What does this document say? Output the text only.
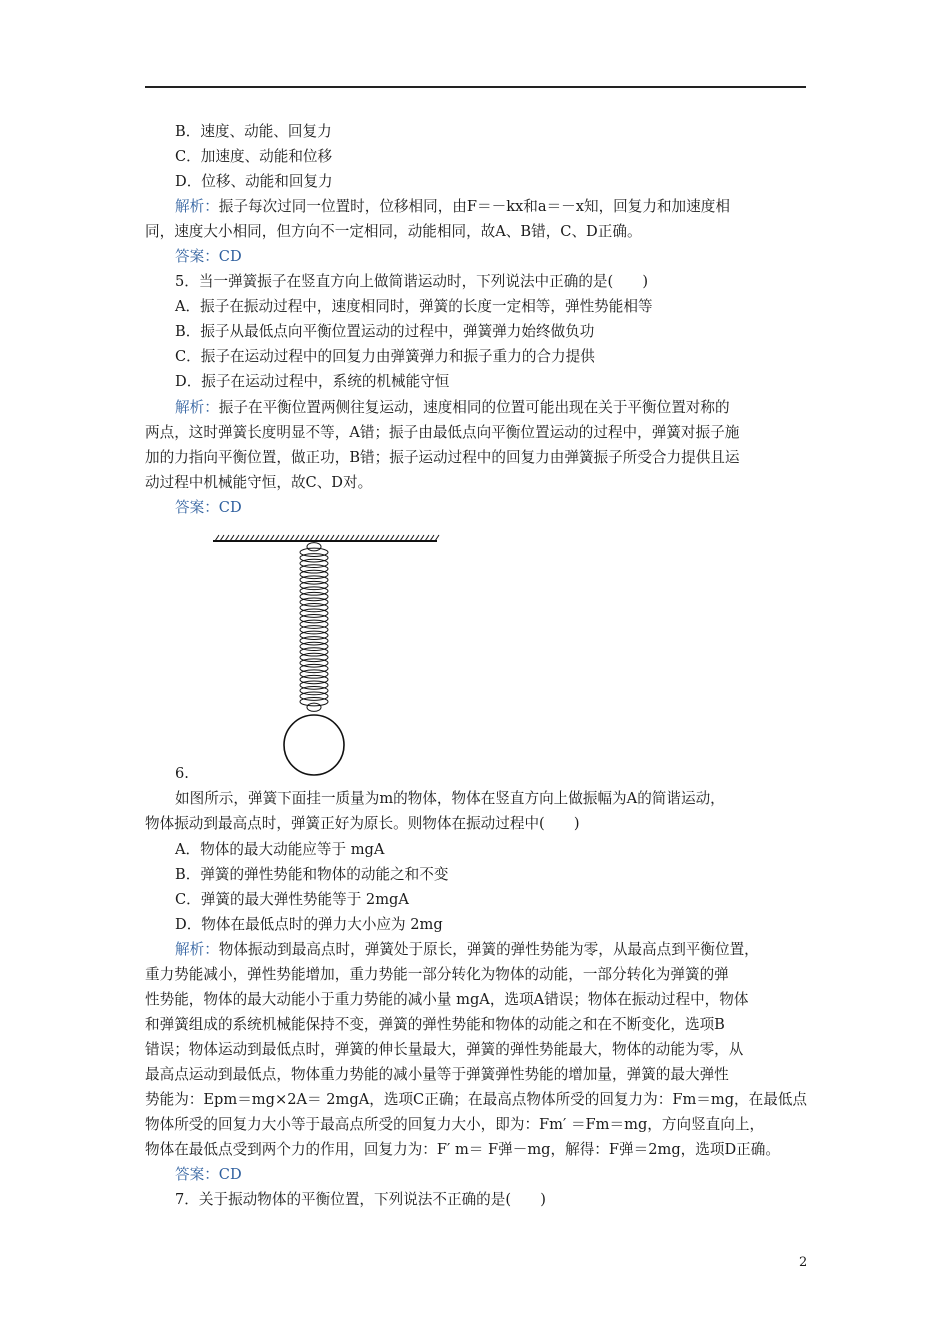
B．速度、动能、回复力
C．加速度、动能和位移
D．位移、动能和回复力
解析：振子每次过同一位置时，位移相同，由F＝－kx和a＝－x知，回复力和加速度相
同，速度大小相同，但方向不一定相同，动能相同，故A、B错，C、D正确。
答案：CD
5．当一弹簧振子在竖直方向上做简谐运动时，下列说法中正确的是(　　)
A．振子在振动过程中，速度相同时，弹簧的长度一定相等，弹性势能相等
B．振子从最低点向平衡位置运动的过程中，弹簧弹力始终做负功
C．振子在运动过程中的回复力由弹簧弹力和振子重力的合力提供
D．振子在运动过程中，系统的机械能守恒
解析：振子在平衡位置两侧往复运动，速度相同的位置可能出现在关于平衡位置对称的
两点，这时弹簧长度明显不等，A错；振子由最低点向平衡位置运动的过程中，弹簧对振子施
加的力指向平衡位置，做正功，B错；振子运动过程中的回复力由弹簧振子所受合力提供且运
动过程中机械能守恒，故C、D对。
答案：CD
6.
如图所示，弹簧下面挂一质量为m的物体，物体在竖直方向上做振幅为A的简谐运动，
物体振动到最高点时，弹簧正好为原长。则物体在振动过程中(　　)
A．物体的最大动能应等于 mgA
B．弹簧的弹性势能和物体的动能之和不变
C．弹簧的最大弹性势能等于 2mgA
D．物体在最低点时的弹力大小应为 2mg
解析：物体振动到最高点时，弹簧处于原长，弹簧的弹性势能为零，从最高点到平衡位置，
重力势能减小，弹性势能增加，重力势能一部分转化为物体的动能，一部分转化为弹簧的弹
性势能，物体的最大动能小于重力势能的减小量 mgA，选项A错误；物体在振动过程中，物体
和弹簧组成的系统机械能保持不变，弹簧的弹性势能和物体的动能之和在不断变化，选项B
错误；物体运动到最低点时，弹簧的伸长量最大，弹簧的弹性势能最大，物体的动能为零，从
最高点运动到最低点，物体重力势能的减小量等于弹簧弹性势能的增加量，弹簧的最大弹性
势能为：Epm＝mg×2A＝ 2mgA，选项C正确；在最高点物体所受的回复力为：Fm＝mg，在最低点
物体所受的回复力大小等于最高点所受的回复力大小，即为：Fm′ ＝Fm＝mg，方向竖直向上，
物体在最低点受到两个力的作用，回复力为：F′ m＝ F弹－mg，解得：F弹＝2mg，选项D正确。
答案：CD
7．关于振动物体的平衡位置，下列说法不正确的是(　　)
2
